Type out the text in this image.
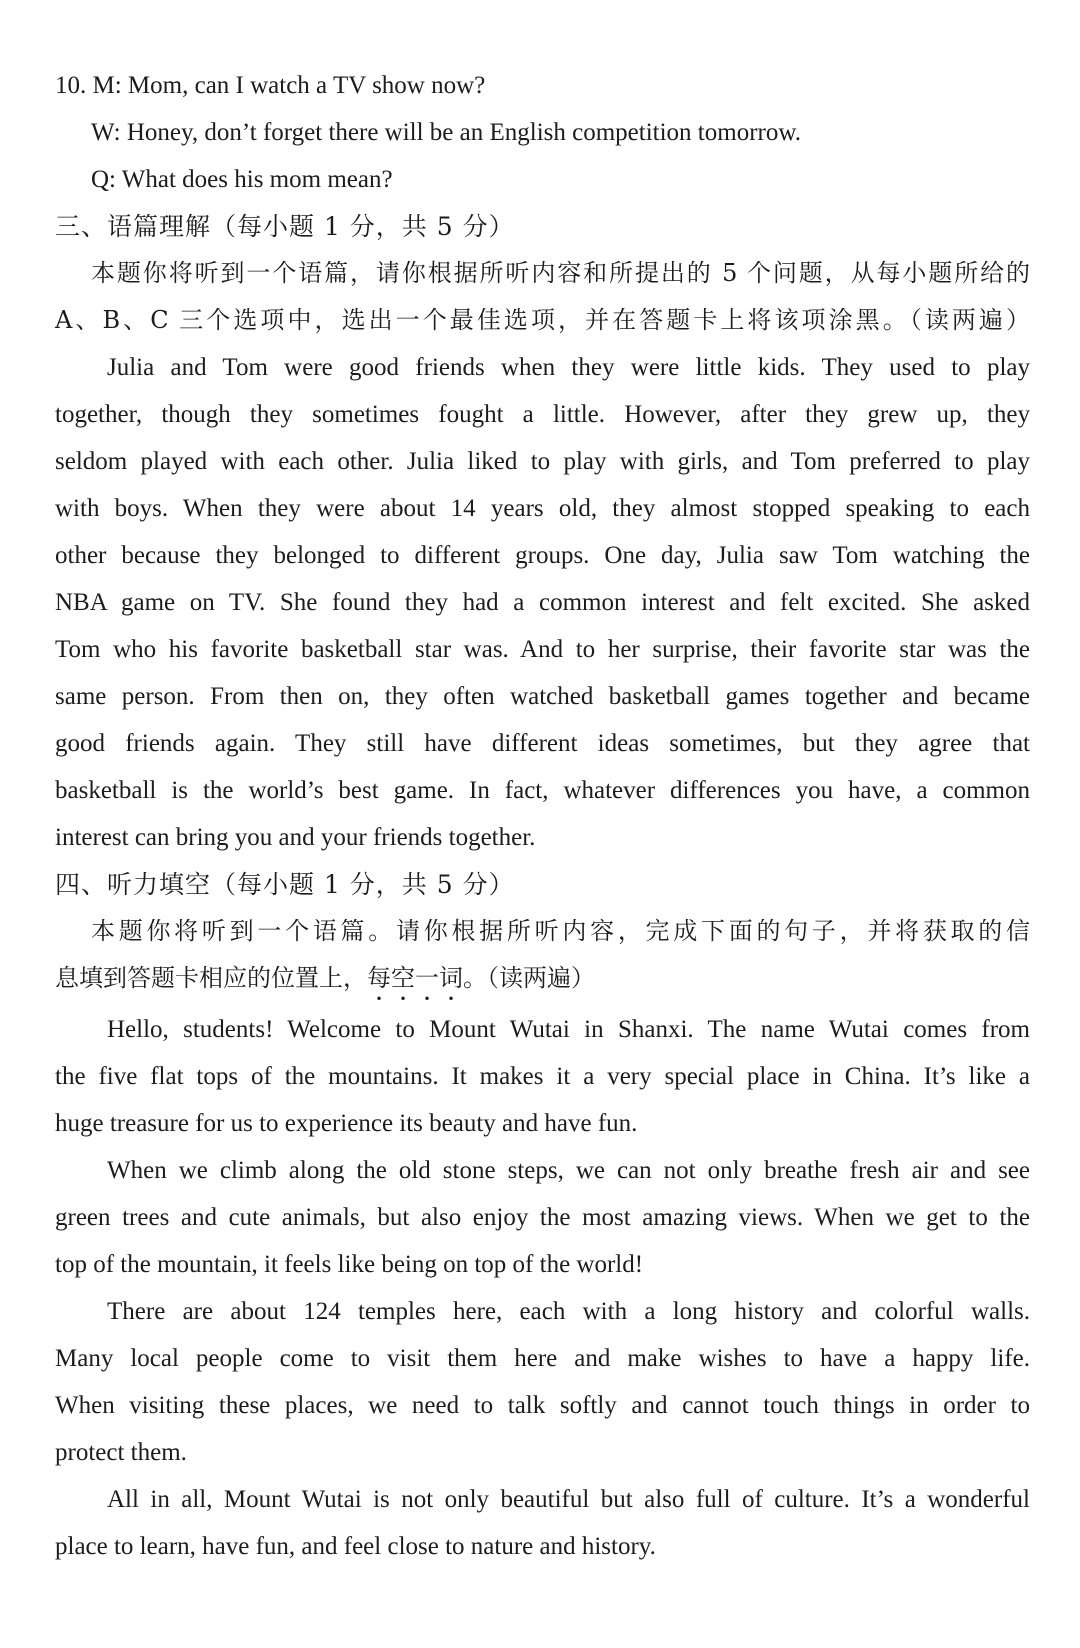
10. M: Mom, can I watch a TV show now?
W: Honey, don’t forget there will be an English competition tomorrow.
Q: What does his mom mean?
三、语篇理解（每小题 1 分，共 5 分）
本题你将听到一个语篇，请你根据所听内容和所提出的 5 个问题，从每小题所给的
A、B、C 三个选项中，选出一个最佳选项，并在答题卡上将该项涂黑。（读两遍）
Julia and Tom were good friends when they were little kids. They used to play
together, though they sometimes fought a little. However, after they grew up, they
seldom played with each other. Julia liked to play with girls, and Tom preferred to play
with boys. When they were about 14 years old, they almost stopped speaking to each
other because they belonged to different groups. One day, Julia saw Tom watching the
NBA game on TV. She found they had a common interest and felt excited. She asked
Tom who his favorite basketball star was. And to her surprise, their favorite star was the
same person. From then on, they often watched basketball games together and became
good friends again. They still have different ideas sometimes, but they agree that
basketball is the world’s best game. In fact, whatever differences you have, a common
interest can bring you and your friends together.
四、听力填空（每小题 1 分，共 5 分）
本题你将听到一个语篇。请你根据所听内容，完成下面的句子，并将获取的信
息填到答题卡相应的位置上，每空一词。（读两遍）
Hello, students! Welcome to Mount Wutai in Shanxi. The name Wutai comes from
the five flat tops of the mountains. It makes it a very special place in China. It’s like a
huge treasure for us to experience its beauty and have fun.
When we climb along the old stone steps, we can not only breathe fresh air and see
green trees and cute animals, but also enjoy the most amazing views. When we get to the
top of the mountain, it feels like being on top of the world!
There are about 124 temples here, each with a long history and colorful walls.
Many local people come to visit them here and make wishes to have a happy life.
When visiting these places, we need to talk softly and cannot touch things in order to
protect them.
All in all, Mount Wutai is not only beautiful but also full of culture. It’s a wonderful
place to learn, have fun, and feel close to nature and history.
